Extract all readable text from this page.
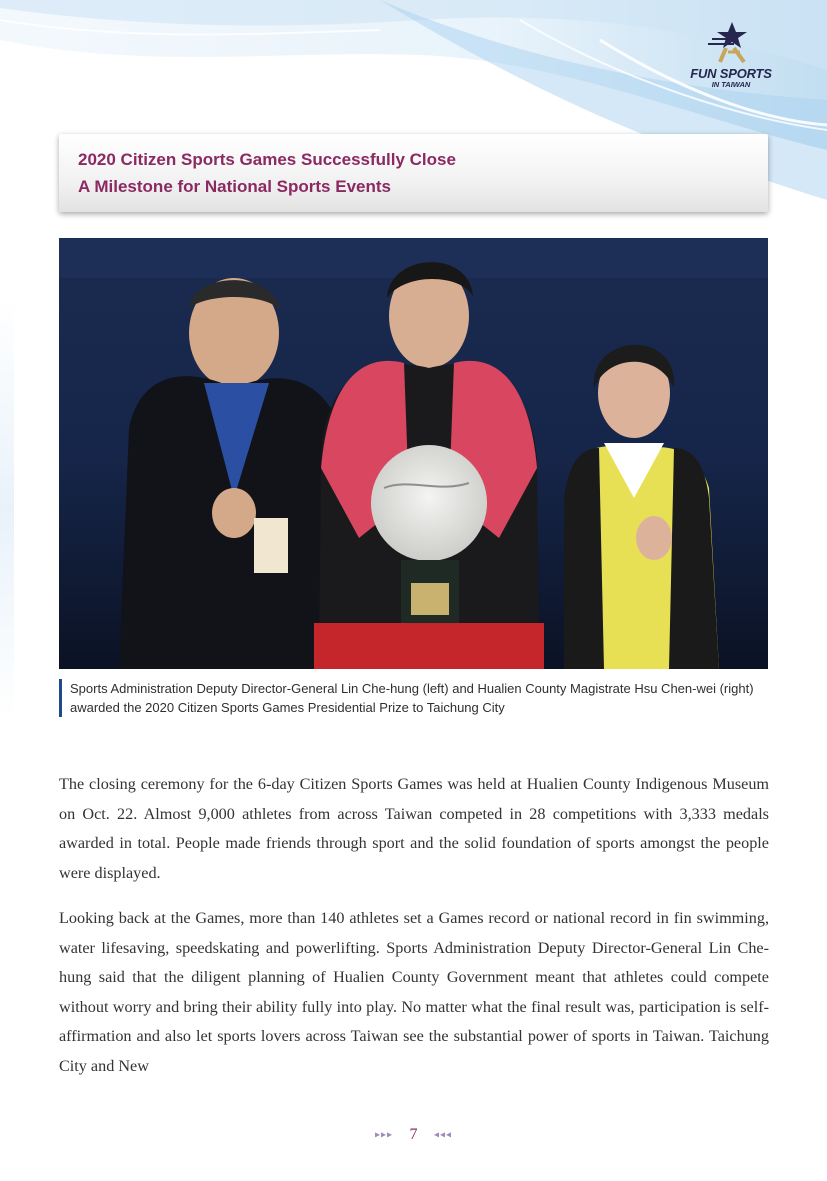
FUN SPORTS
IN TAIWAN
2020 Citizen Sports Games Successfully Close
A Milestone for National Sports Events

Sports Administration Deputy Director-General Lin Che-hung (left) and Hualien County Magistrate Hsu Chen-wei (right) awarded the 2020 Citizen Sports Games Presidential Prize to Taichung City

The closing ceremony for the 6-day Citizen Sports Games was held at Hualien County Indigenous Museum on Oct. 22. Almost 9,000 athletes from across Taiwan competed in 28 competitions with 3,333 medals awarded in total. People made friends through sport and the solid foundation of sports amongst the people were displayed.

Looking back at the Games, more than 140 athletes set a Games record or national record in fin swimming, water lifesaving, speedskating and powerlifting. Sports Administration Deputy Director-General Lin Che-hung said that the diligent planning of Hualien County Government meant that athletes could compete without worry and bring their ability fully into play. No matter what the final result was, participation is self-affirmation and also let sports lovers across Taiwan see the substantial power of sports in Taiwan. Taichung City and New

▸▸▸ 7 ◂◂◂
